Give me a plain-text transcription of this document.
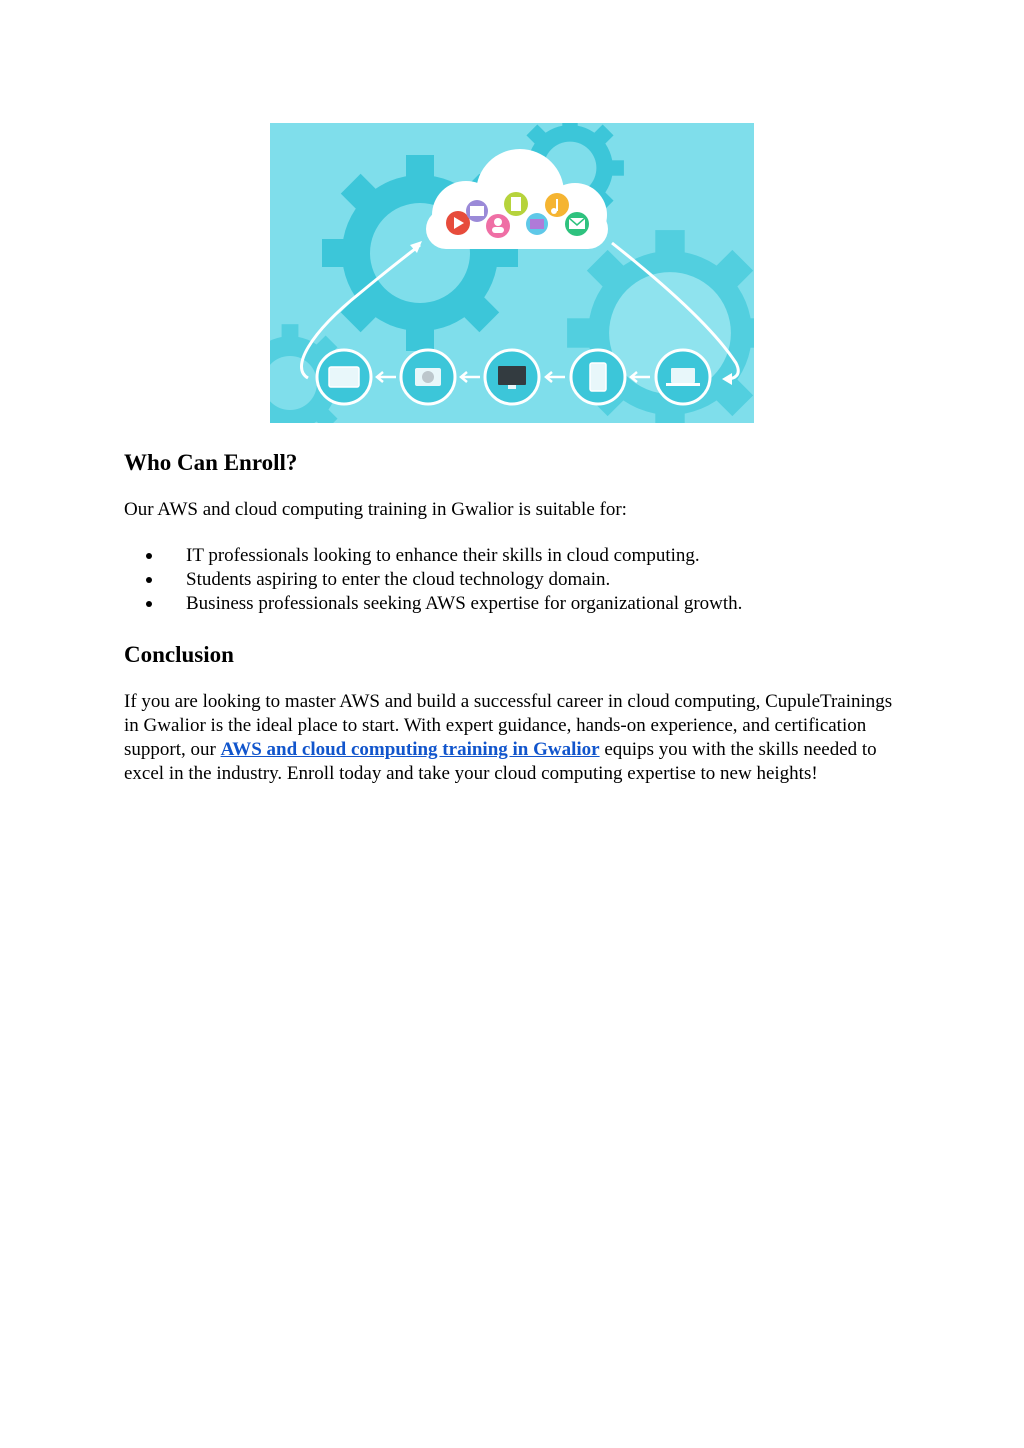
Who Can Enroll?

Our AWS and cloud computing training in Gwalior is suitable for:

IT professionals looking to enhance their skills in cloud computing.
Students aspiring to enter the cloud technology domain.
Business professionals seeking AWS expertise for organizational growth.
Conclusion

If you are looking to master AWS and build a successful career in cloud computing, CupuleTrainings in Gwalior is the ideal place to start. With expert guidance, hands-on experience, and certification support, our AWS and cloud computing training in Gwalior equips you with the skills needed to excel in the industry. Enroll today and take your cloud computing expertise to new heights!
